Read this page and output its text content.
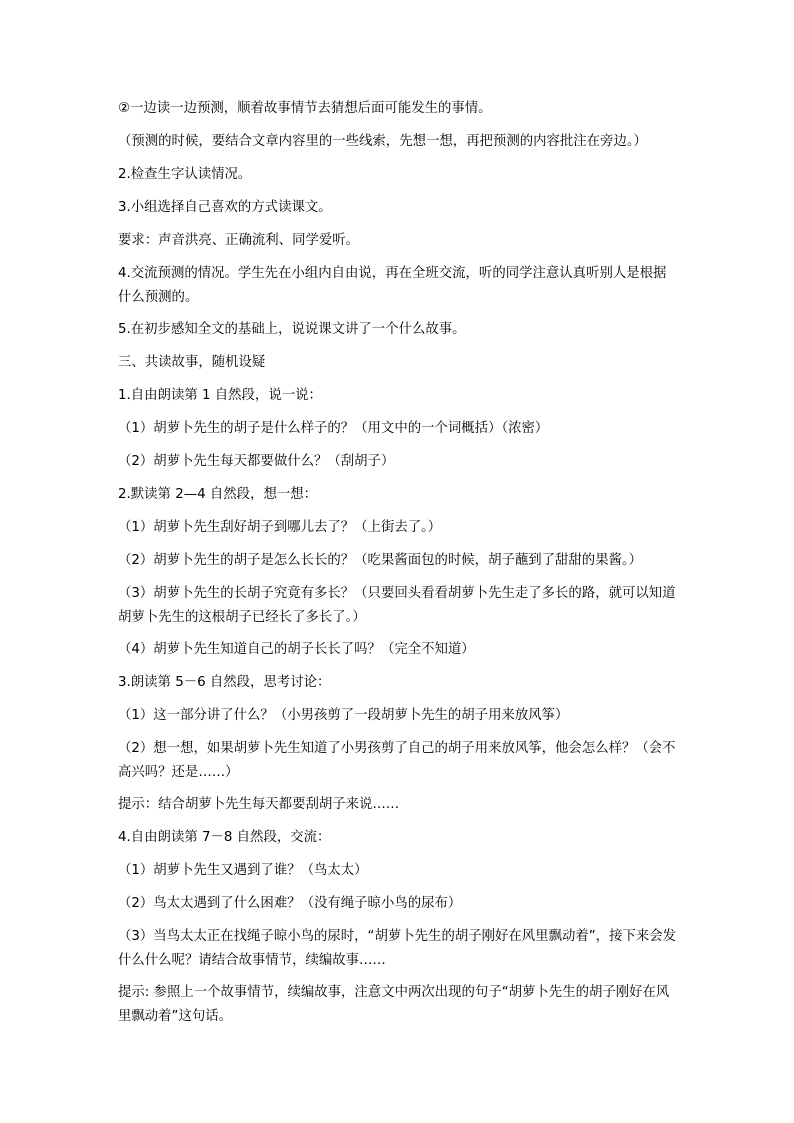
②一边读一边预测，顺着故事情节去猜想后面可能发生的事情。

（预测的时候，要结合文章内容里的一些线索，先想一想，再把预测的内容批注在旁边。）

2.检查生字认读情况。

3.小组选择自己喜欢的方式读课文。

要求：声音洪亮、正确流利、同学爱听。

4.交流预测的情况。学生先在小组内自由说，再在全班交流，听的同学注意认真听别人是根据什么预测的。

5.在初步感知全文的基础上，说说课文讲了一个什么故事。

三、共读故事，随机设疑

1.自由朗读第 1 自然段，说一说：

（1）胡萝卜先生的胡子是什么样子的？（用文中的一个词概括）（浓密）

（2）胡萝卜先生每天都要做什么？（刮胡子）

2.默读第 2—4 自然段，想一想：

（1）胡萝卜先生刮好胡子到哪儿去了？（上街去了。）

（2）胡萝卜先生的胡子是怎么长长的？（吃果酱面包的时候，胡子蘸到了甜甜的果酱。）

（3）胡萝卜先生的长胡子究竟有多长？（只要回头看看胡萝卜先生走了多长的路，就可以知道胡萝卜先生的这根胡子已经长了多长了。）

（4）胡萝卜先生知道自己的胡子长长了吗？（完全不知道）

3.朗读第 5－6 自然段，思考讨论：

（1）这一部分讲了什么？（小男孩剪了一段胡萝卜先生的胡子用来放风筝）

（2）想一想，如果胡萝卜先生知道了小男孩剪了自己的胡子用来放风筝，他会怎么样？（会不高兴吗？还是……）

提示：结合胡萝卜先生每天都要刮胡子来说……

4.自由朗读第 7－8 自然段，交流：

（1）胡萝卜先生又遇到了谁？（鸟太太）

（2）鸟太太遇到了什么困难？（没有绳子晾小鸟的尿布）

（3）当鸟太太正在找绳子晾小鸟的尿时，“胡萝卜先生的胡子刚好在风里飘动着”，接下来会发什么什么呢？请结合故事情节，续编故事……

提示: 参照上一个故事情节，续编故事，注意文中两次出现的句子“胡萝卜先生的胡子刚好在风里飘动着”这句话。
